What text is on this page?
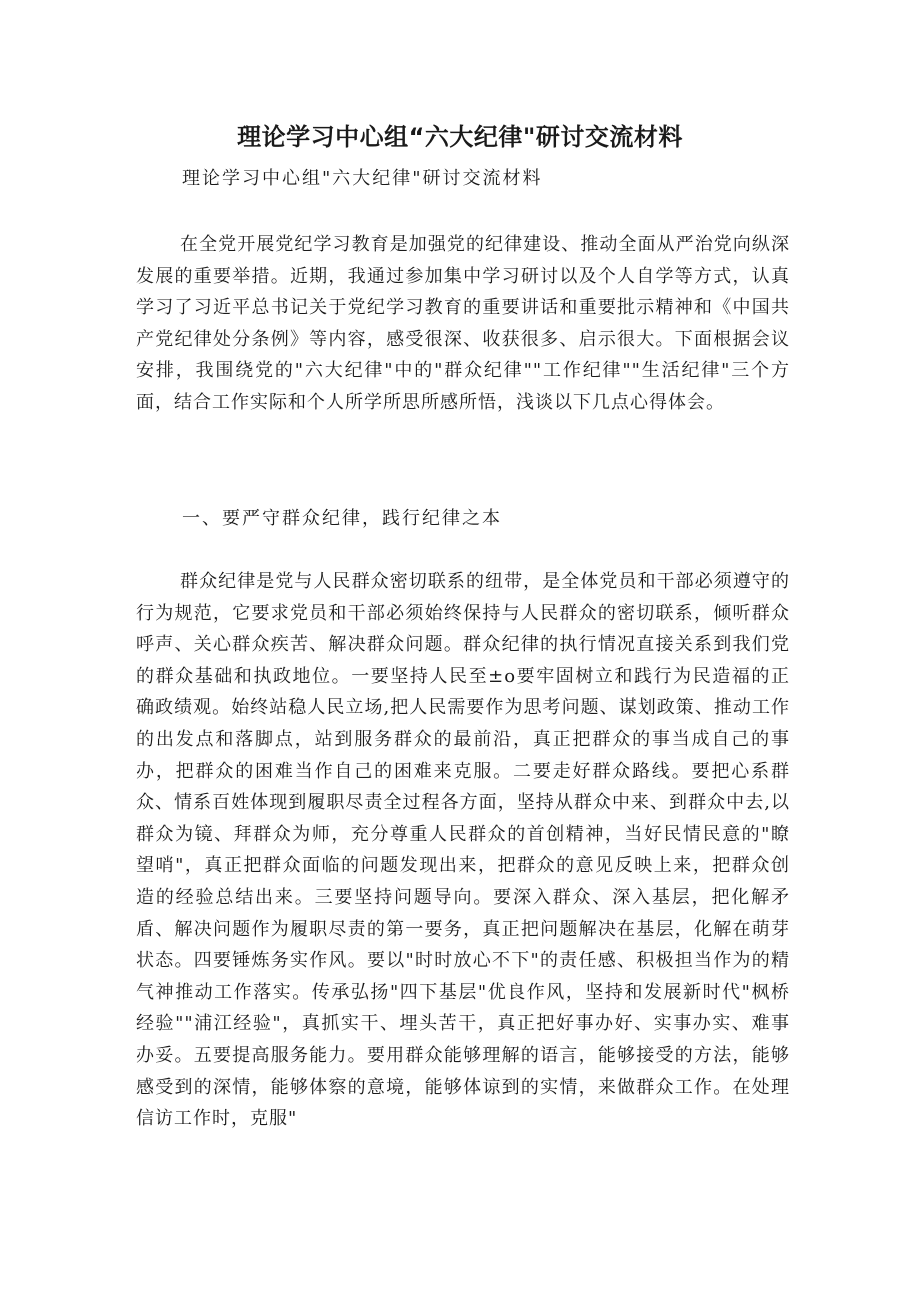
理论学习中心组“六大纪律"研讨交流材料
理论学习中心组"六大纪律"研讨交流材料

在全党开展党纪学习教育是加强党的纪律建设、推动全面从严治党向纵深发展的重要举措。近期，我通过参加集中学习研讨以及个人自学等方式，认真学习了习近平总书记关于党纪学习教育的重要讲话和重要批示精神和《中国共产党纪律处分条例》等内容，感受很深、收获很多、启示很大。下面根据会议安排，我围绕党的"六大纪律"中的"群众纪律""工作纪律""生活纪律"三个方面，结合工作实际和个人所学所思所感所悟，浅谈以下几点心得体会。

一、要严守群众纪律，践行纪律之本

群众纪律是党与人民群众密切联系的纽带，是全体党员和干部必须遵守的行为规范，它要求党员和干部必须始终保持与人民群众的密切联系，倾听群众呼声、关心群众疾苦、解决群众问题。群众纪律的执行情况直接关系到我们党的群众基础和执政地位。一要坚持人民至±o要牢固树立和践行为民造福的正确政绩观。始终站稳人民立场,把人民需要作为思考问题、谋划政策、推动工作的出发点和落脚点，站到服务群众的最前沿，真正把群众的事当成自己的事办，把群众的困难当作自己的困难来克服。二要走好群众路线。要把心系群众、情系百姓体现到履职尽责全过程各方面，坚持从群众中来、到群众中去,以群众为镜、拜群众为师，充分尊重人民群众的首创精神，当好民情民意的"瞭望哨"，真正把群众面临的问题发现出来，把群众的意见反映上来，把群众创造的经验总结出来。三要坚持问题导向。要深入群众、深入基层，把化解矛盾、解决问题作为履职尽责的第一要务，真正把问题解决在基层，化解在萌芽状态。四要锤炼务实作风。要以"时时放心不下"的责任感、积极担当作为的精气神推动工作落实。传承弘扬"四下基层"优良作风，坚持和发展新时代"枫桥经验""浦江经验"，真抓实干、埋头苦干，真正把好事办好、实事办实、难事办妥。五要提高服务能力。要用群众能够理解的语言，能够接受的方法，能够感受到的深情，能够体察的意境，能够体谅到的实情，来做群众工作。在处理信访工作时，克服"
